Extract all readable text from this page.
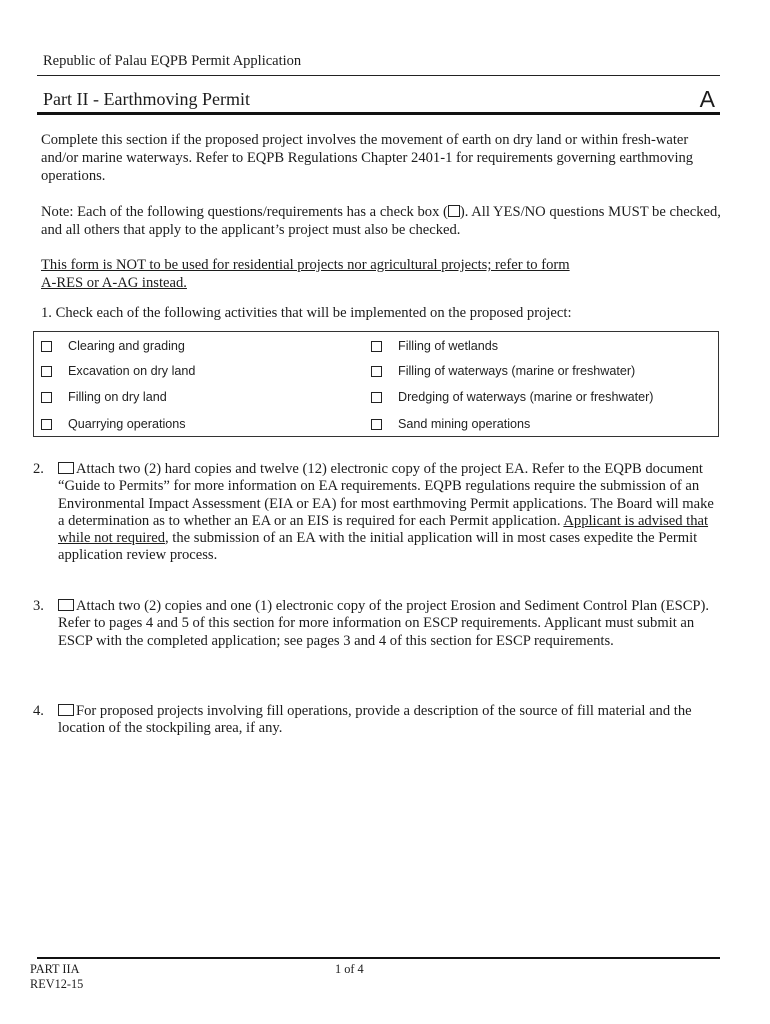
Republic of Palau EQPB Permit Application
Part II - Earthmoving Permit	A
Complete this section if the proposed project involves the movement of earth on dry land or within fresh-water and/or marine waterways. Refer to EQPB Regulations Chapter 2401-1 for requirements governing earthmoving operations.
Note: Each of the following questions/requirements has a check box ( ). All YES/NO questions MUST be checked, and all others that apply to the applicant’s project must also be checked.
This form is NOT to be used for residential projects nor agricultural projects; refer to form A-RES or A-AG instead.
1. Check each of the following activities that will be implemented on the proposed project:
Clearing and grading	Filling of wetlands
Excavation on dry land	Filling of waterways (marine or freshwater)
Filling on dry land	Dredging of waterways (marine or freshwater)
Quarrying operations	Sand mining operations
2.	Attach two (2) hard copies and twelve (12) electronic copy of the project EA. Refer to the EQPB document “Guide to Permits” for more information on EA requirements. EQPB regulations require the submission of an Environmental Impact Assessment (EIA or EA) for most earthmoving Permit applications. The Board will make a determination as to whether an EA or an EIS is required for each Permit application. Applicant is advised that while not required, the submission of an EA with the initial application will in most cases expedite the Permit application review process.
3.	Attach two (2) copies and one (1) electronic copy of the project Erosion and Sediment Control Plan (ESCP). Refer to pages 4 and 5 of this section for more information on ESCP requirements. Applicant must submit an ESCP with the completed application; see pages 3 and 4 of this section for ESCP requirements.
4.	For proposed projects involving fill operations, provide a description of the source of fill material and the location of the stockpiling area, if any.
PART IIA
REV12-15
1 of 4
